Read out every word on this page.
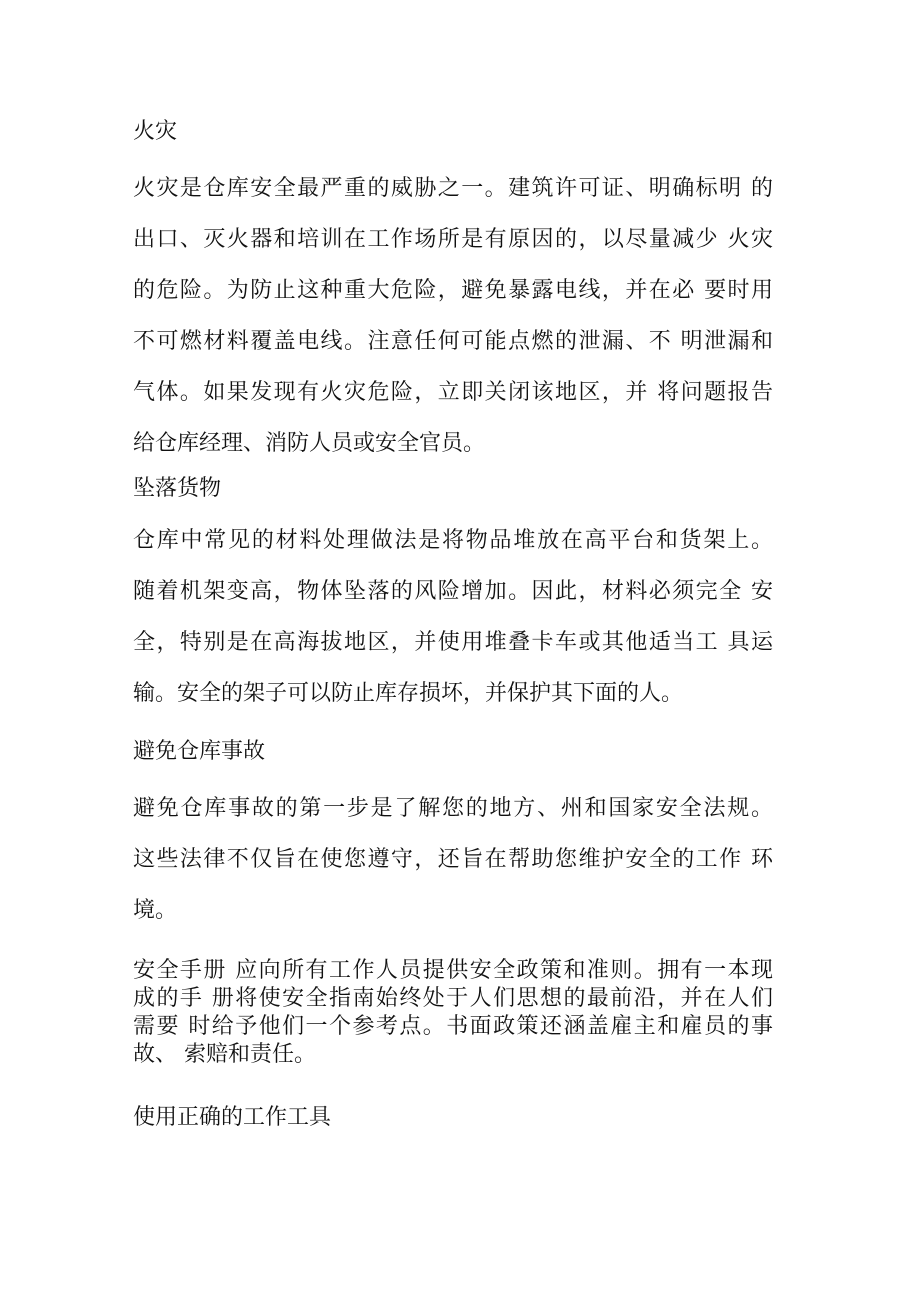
火灾
火灾是仓库安全最严重的威胁之一。建筑许可证、明确标明 的
出口、灭火器和培训在工作场所是有原因的，以尽量减少 火灾
的危险。为防止这种重大危险，避免暴露电线，并在必 要时用
不可燃材料覆盖电线。注意任何可能点燃的泄漏、不 明泄漏和
气体。如果发现有火灾危险，立即关闭该地区，并 将问题报告
给仓库经理、消防人员或安全官员。
坠落货物
仓库中常见的材料处理做法是将物品堆放在高平台和货架上。
随着机架变高，物体坠落的风险增加。因此，材料必须完全 安
全，特别是在高海拔地区，并使用堆叠卡车或其他适当工 具运
输。安全的架子可以防止库存损坏，并保护其下面的人。
避免仓库事故
避免仓库事故的第一步是了解您的地方、州和国家安全法规。
这些法律不仅旨在使您遵守，还旨在帮助您维护安全的工作 环
境。
安全手册 应向所有工作人员提供安全政策和准则。拥有一本现
成的手 册将使安全指南始终处于人们思想的最前沿，并在人们
需要 时给予他们一个参考点。书面政策还涵盖雇主和雇员的事
故、 索赔和责任。
使用正确的工作工具
